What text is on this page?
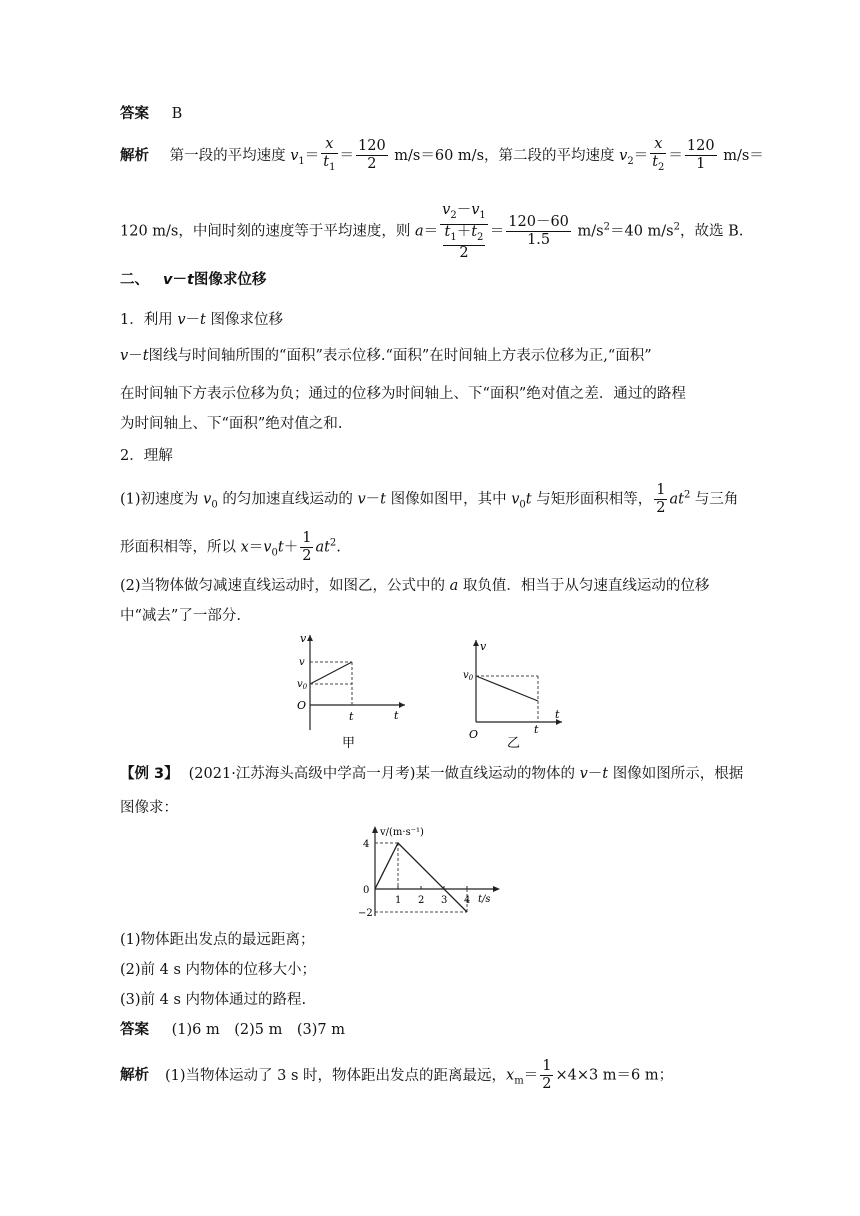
答案 B
解析 第一段的平均速度 $v_1= \frac{x}{t_1} = \frac{120}{2} m/s=60$ m/s，第二段的平均速度 $v_2= \frac{x}{t_2} = \frac{120}{1} m/s=$
120 m/s，中间时刻的速度等于平均速度，则 $a= \frac{v_2-v_1}{\frac{t_1+t_2}{2}} = \frac{120-60}{1.5} m/s^2=40$ $m/s^2$，故选 B.
二、 v－t图像求位移
1．利用 v－t 图像求位移
v－t图线与时间轴所围的“面积”表示位移.“面积”在时间轴上方表示位移为正,“面积”
在时间轴下方表示位移为负；通过的位移为时间轴上、下“面积”绝对值之差．通过的路程
为时间轴上、下“面积”绝对值之和.
2．理解
(1)初速度为 $v_0$ 的匀加速直线运动的 v－t 图像如图甲，其中 $v_0t$ 与矩形面积相等， $\frac{1}{2} at^2$ 与三角
形面积相等，所以 $x=v_0t+ \frac{1}{2} at^2$.
(2)当物体做匀减速直线运动时，如图乙，公式中的 a 取负值．相当于从匀速直线运动的位移
中“减去”了一部分.
v
v
$v_0$
O
t	t
甲
v
$v_0$
O	t
t
乙
【例 3】 (2021·江苏海头高级中学高一月考)某一做直线运动的物体的 v－t 图像如图所示，根据
图像求：
v/(m·s⁻¹)
t/s
1 2 3 4
4
0
−2
(1)物体距出发点的最远距离；
(2)前 4 s 内物体的位移大小；
(3)前 4 s 内物体通过的路程.
答案 (1)6 m　(2)5 m　(3)7 m
解析 (1)当物体运动了 3 s 时，物体距出发点的距离最远，$x_m= \frac{1}{2} \times 4\times 3$ m＝6 m；
